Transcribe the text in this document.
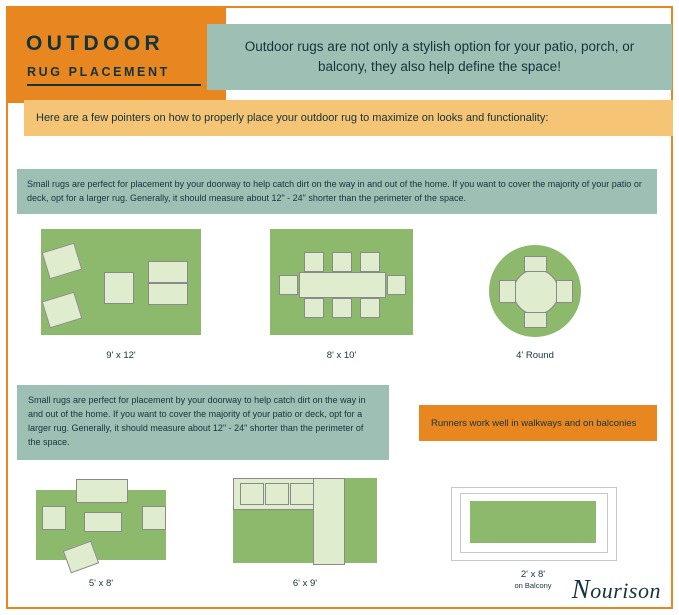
OUTDOOR
RUG PLACEMENT
Outdoor rugs are not only a stylish option for your patio, porch, or balcony, they also help define the space!
Here are a few pointers on how to properly place your outdoor rug to maximize on looks and functionality:
Small rugs are perfect for placement by your doorway to help catch dirt on the way in and out of the home. If you want to cover the majority of your patio or deck, opt for a larger rug. Generally, it should measure about 12" - 24" shorter than the perimeter of the space.
9' x 12'	8' x 10'	4' Round
Small rugs are perfect for placement by your doorway to help catch dirt on the way in and out of the home. If you want to cover the majority of your patio or deck, opt for a larger rug. Generally, it should measure about 12" - 24" shorter than the perimeter of the space.
Runners work well in walkways and on balconies
5' x 8'	6' x 9'
2' x 8'
on Balcony Nourison
